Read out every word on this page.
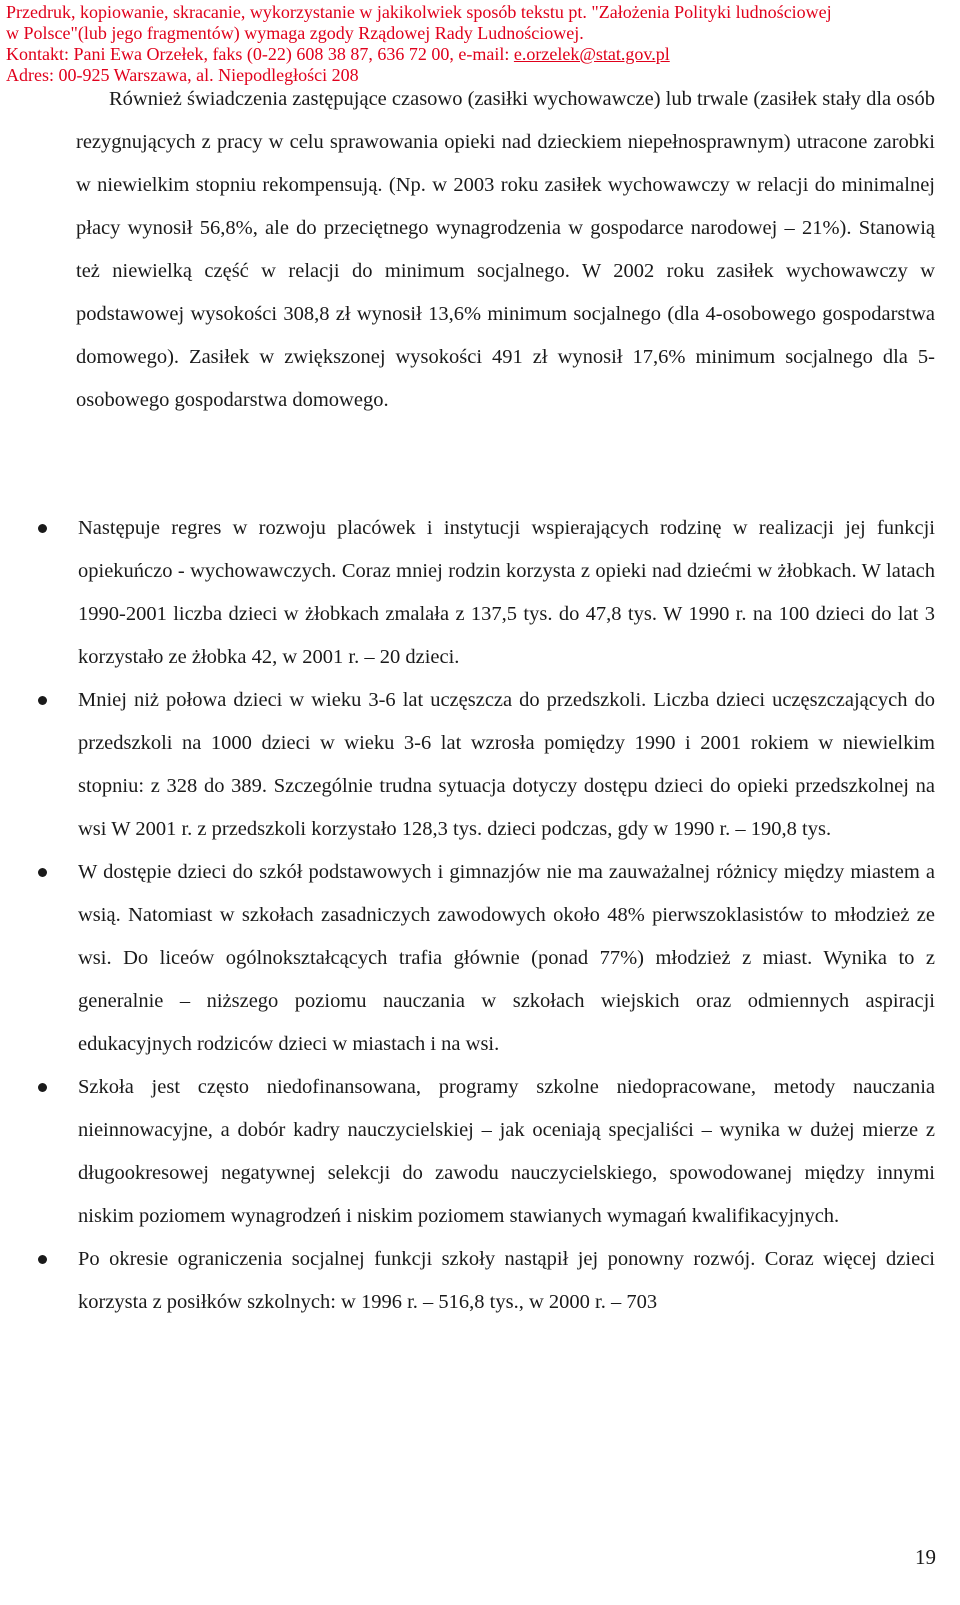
Przedruk, kopiowanie, skracanie, wykorzystanie w jakikolwiek sposób tekstu pt. "Założenia Polityki ludnościowej
w Polsce"(lub jego fragmentów) wymaga zgody Rządowej Rady Ludnościowej.
Kontakt: Pani Ewa Orzełek, faks (0-22) 608 38 87, 636 72 00, e-mail: e.orzelek@stat.gov.pl
Adres: 00-925 Warszawa, al. Niepodległości 208
Również świadczenia zastępujące czasowo (zasiłki wychowawcze) lub trwale (zasiłek stały dla osób rezygnujących z pracy w celu sprawowania opieki nad dzieckiem niepełnosprawnym) utracone zarobki w niewielkim stopniu rekompensują. (Np. w 2003 roku zasiłek wychowawczy w relacji do minimalnej płacy wynosił 56,8%, ale do przeciętnego wynagrodzenia w gospodarce narodowej – 21%). Stanowią też niewielką część w relacji do minimum socjalnego. W 2002 roku zasiłek wychowawczy w podstawowej wysokości 308,8 zł wynosił 13,6% minimum socjalnego (dla 4-osobowego gospodarstwa domowego). Zasiłek w zwiększonej wysokości 491 zł wynosił 17,6% minimum socjalnego dla 5-osobowego gospodarstwa domowego.
Następuje regres w rozwoju placówek i instytucji wspierających rodzinę w realizacji jej funkcji opiekuńczo - wychowawczych. Coraz mniej rodzin korzysta z opieki nad dziećmi w żłobkach. W latach 1990-2001 liczba dzieci w żłobkach zmalała z 137,5 tys. do 47,8 tys. W 1990 r. na 100 dzieci do lat 3 korzystało ze żłobka 42, w 2001 r. – 20 dzieci.
Mniej niż połowa dzieci w wieku 3-6 lat uczęszcza do przedszkoli. Liczba dzieci uczęszczających do przedszkoli na 1000 dzieci w wieku 3-6 lat wzrosła pomiędzy 1990 i 2001 rokiem w niewielkim stopniu: z 328 do 389. Szczególnie trudna sytuacja dotyczy dostępu dzieci do opieki przedszkolnej na wsi W 2001 r. z przedszkoli korzystało 128,3 tys. dzieci podczas, gdy w 1990 r. – 190,8 tys.
W dostępie dzieci do szkół podstawowych i gimnazjów nie ma zauważalnej różnicy między miastem a wsią. Natomiast w szkołach zasadniczych zawodowych około 48% pierwszoklasistów to młodzież ze wsi. Do liceów ogólnokształcących trafia głównie (ponad 77%) młodzież z miast. Wynika to z generalnie – niższego poziomu nauczania w szkołach wiejskich oraz odmiennych aspiracji edukacyjnych rodziców dzieci w miastach i na wsi.
Szkoła jest często niedofinansowana, programy szkolne niedopracowane, metody nauczania nieinnowacyjne, a dobór kadry nauczycielskiej – jak oceniają specjaliści – wynika w dużej mierze z długookresowej negatywnej selekcji do zawodu nauczycielskiego, spowodowanej między innymi niskim poziomem wynagrodzeń i niskim poziomem stawianych wymagań kwalifikacyjnych.
Po okresie ograniczenia socjalnej funkcji szkoły nastąpił jej ponowny rozwój. Coraz więcej dzieci korzysta z posiłków szkolnych: w 1996 r. – 516,8 tys., w 2000 r. – 703
19
